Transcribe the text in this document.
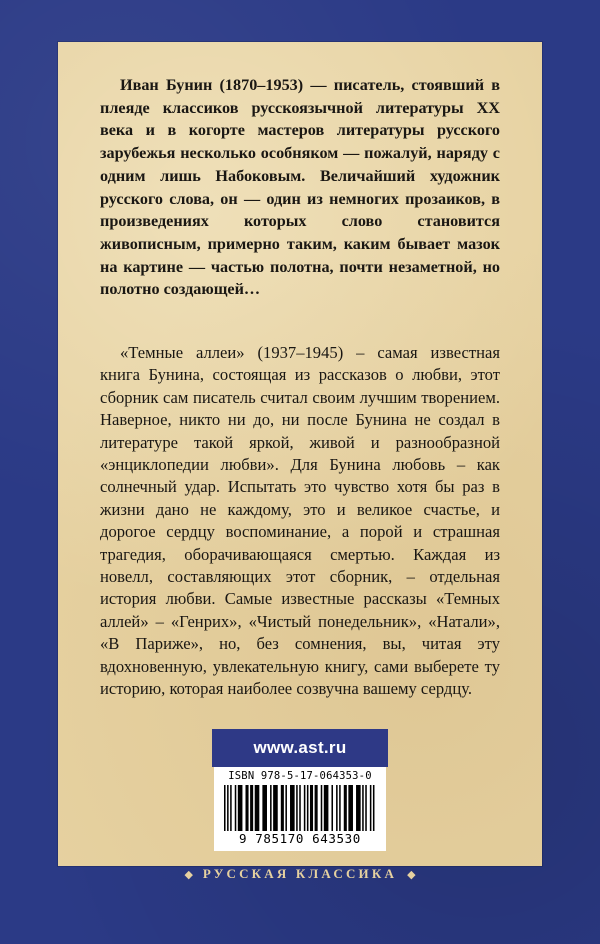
Иван Бунин (1870–1953) — писатель, стоявший в плеяде классиков русскоязычной литературы XX века и в когорте мастеров литературы русского зарубежья несколько особняком — пожалуй, наряду с одним лишь Набоковым. Величайший художник русского слова, он — один из немногих прозаиков, в произведениях которых слово становится живописным, примерно таким, каким бывает мазок на картине — частью полотна, почти незаметной, но полотно создающей…

«Темные аллеи» (1937–1945) – самая известная книга Бунина, состоящая из рассказов о любви, этот сборник сам писатель считал своим лучшим творением. Наверное, никто ни до, ни после Бунина не создал в литературе такой яркой, живой и разнообразной «энциклопедии любви». Для Бунина любовь – как солнечный удар. Испытать это чувство хотя бы раз в жизни дано не каждому, это и великое счастье, и дорогое сердцу воспоминание, а порой и страшная трагедия, оборачивающаяся смертью. Каждая из новелл, составляющих этот сборник, – отдельная история любви. Самые известные рассказы «Темных аллей» – «Генрих», «Чистый понедельник», «Натали», «В Париже», но, без сомнения, вы, читая эту вдохновенную, увлекательную книгу, сами выберете ту историю, которая наиболее созвучна вашему сердцу.

www.ast.ru
ISBN 978-5-17-064353-0
9 785170 643530
◆ РУССКАЯ КЛАССИКА ◆
